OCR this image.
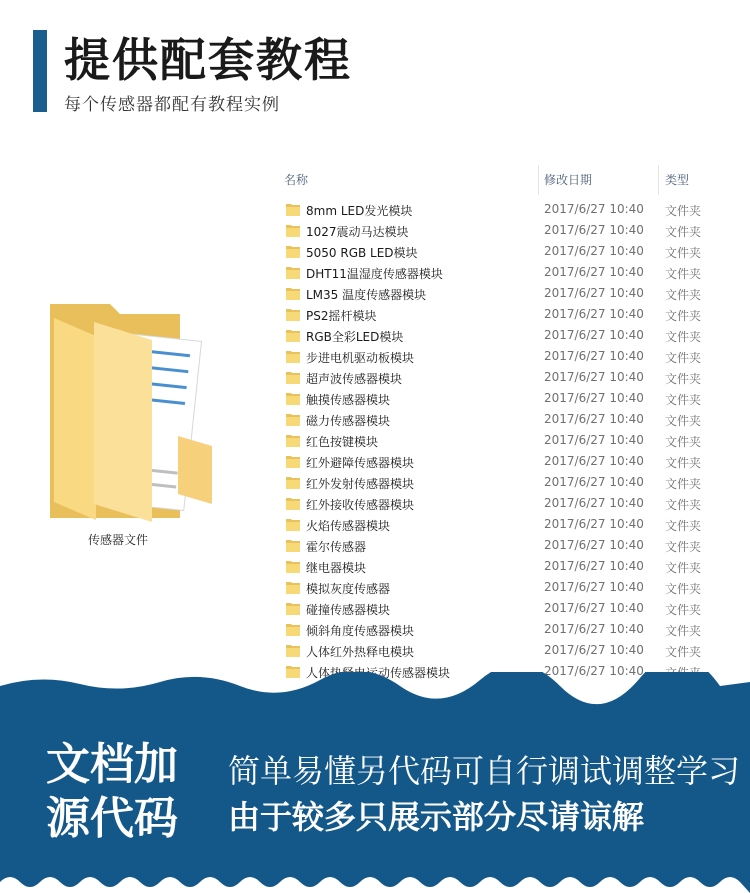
提供配套教程
每个传感器都配有教程实例
传感器文件
名称	修改日期	类型
8mm LED发光模块	2017/6/27 10:40 文件夹
1027震动马达模块	2017/6/27 10:40 文件夹
5050 RGB LED模块	2017/6/27 10:40 文件夹
DHT11温湿度传感器模块	2017/6/27 10:40 文件夹
LM35 温度传感器模块	2017/6/27 10:40 文件夹
PS2摇杆模块	2017/6/27 10:40 文件夹
RGB全彩LED模块	2017/6/27 10:40 文件夹
步进电机驱动板模块	2017/6/27 10:40 文件夹
超声波传感器模块	2017/6/27 10:40 文件夹
触摸传感器模块	2017/6/27 10:40 文件夹
磁力传感器模块	2017/6/27 10:40 文件夹
红色按键模块	2017/6/27 10:40 文件夹
红外避障传感器模块	2017/6/27 10:40 文件夹
红外发射传感器模块	2017/6/27 10:40 文件夹
红外接收传感器模块	2017/6/27 10:40 文件夹
火焰传感器模块	2017/6/27 10:40 文件夹
霍尔传感器	2017/6/27 10:40 文件夹
继电器模块	2017/6/27 10:40 文件夹
模拟灰度传感器	2017/6/27 10:40 文件夹
碰撞传感器模块	2017/6/27 10:40 文件夹
倾斜角度传感器模块	2017/6/27 10:40 文件夹
人体红外热释电模块	2017/6/27 10:40 文件夹
人体热释电运动传感器模块	2017/6/27 10:40
文档加
源代码
简单易懂另代码可自行调试调整学习
由于较多只展示部分尽请谅解
